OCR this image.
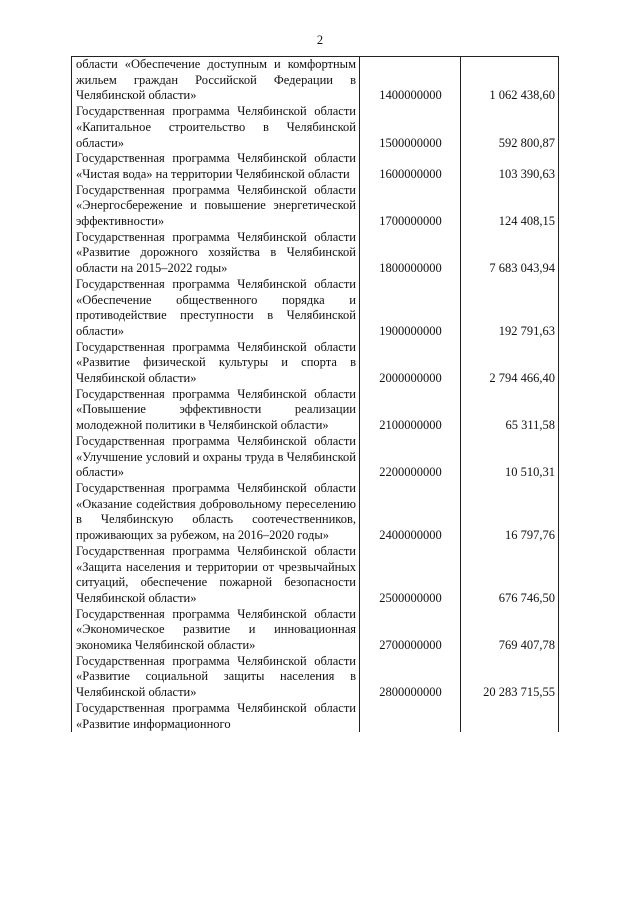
2
области «Обеспечение доступным и комфортным жильем граждан Российской Федерации в Челябинской области»	1400000000	1 062 438,60
Государственная программа Челябинской области «Капитальное строительство в Челябинской области»	1500000000	592 800,87
Государственная программа Челябинской области «Чистая вода» на территории Челябинской области	1600000000	103 390,63
Государственная программа Челябинской области «Энергосбережение и повышение энергетической эффективности»	1700000000	124 408,15
Государственная программа Челябинской области «Развитие дорожного хозяйства в Челябинской области на 2015–2022 годы»	1800000000	7 683 043,94
Государственная программа Челябинской области «Обеспечение общественного порядка и противодействие преступности в Челябинской области»	1900000000	192 791,63
Государственная программа Челябинской области «Развитие физической культуры и спорта в Челябинской области»	2000000000	2 794 466,40
Государственная программа Челябинской области «Повышение эффективности реализации молодежной политики в Челябинской области»	2100000000	65 311,58
Государственная программа Челябинской области «Улучшение условий и охраны труда в Челябинской области»	2200000000	10 510,31
Государственная программа Челябинской области «Оказание содействия добровольному переселению в Челябинскую область соотечественников, проживающих за рубежом, на 2016–2020 годы»	2400000000	16 797,76
Государственная программа Челябинской области «Защита населения и территории от чрезвычайных ситуаций, обеспечение пожарной безопасности Челябинской области»	2500000000	676 746,50
Государственная программа Челябинской области «Экономическое развитие и инновационная экономика Челябинской области»	2700000000	769 407,78
Государственная программа Челябинской области «Развитие социальной защиты населения в Челябинской области»	2800000000	20 283 715,55
Государственная программа Челябинской области «Развитие информационного		
